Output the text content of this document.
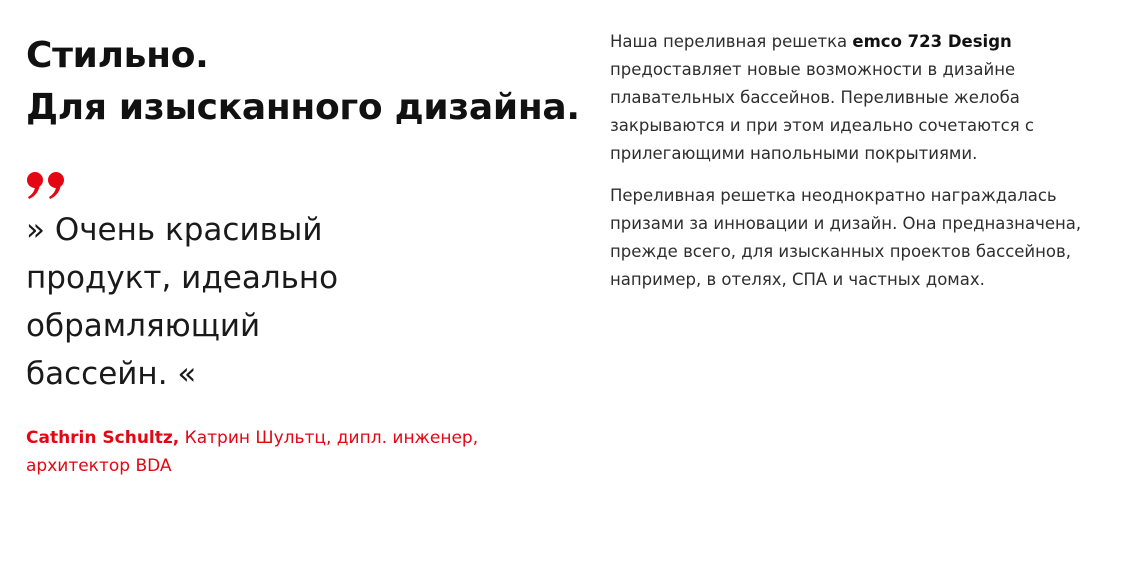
Стильно.
Для изысканного дизайна.
» Очень красивый
продукт, идеально
обрамляющий
бассейн. «
Cathrin Schultz, Катрин Шультц, дипл. инженер,
архитектор BDA

Наша переливная решетка emco 723 Design
предоставляет новые возможности в дизайне
плавательных бассейнов. Переливные желоба
закрываются и при этом идеально сочетаются с
прилегающими напольными покрытиями.

Переливная решетка неоднократно награждалась
призами за инновации и дизайн. Она предназначена,
прежде всего, для изысканных проектов бассейнов,
например, в отелях, СПА и частных домах.
